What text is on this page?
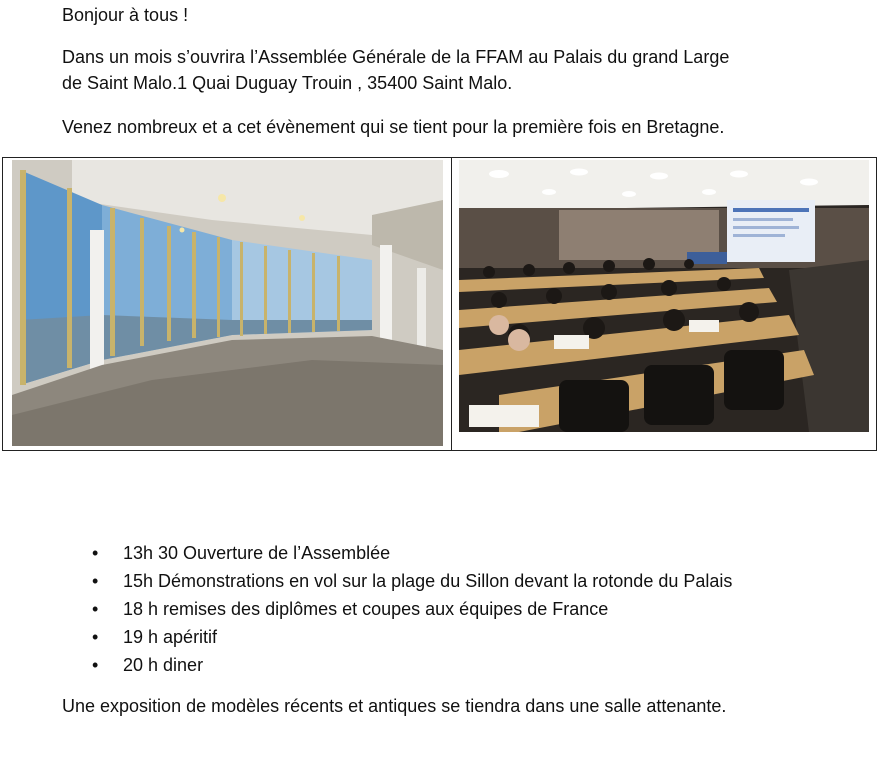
Bonjour à tous !

Dans un mois s’ouvrira l’Assemblée Générale de la FFAM au Palais du grand Large
de Saint Malo.1 Quai Duguay Trouin , 35400 Saint Malo.

Venez nombreux et a cet évènement qui se tient pour la première fois en Bretagne.

• 13h 30 Ouverture de l’Assemblée
• 15h Démonstrations en vol sur la plage du Sillon devant la rotonde du Palais
• 18 h remises des diplômes et coupes aux équipes de France
• 19 h apéritif
• 20 h diner

Une exposition de modèles récents et antiques se tiendra dans une salle attenante.
